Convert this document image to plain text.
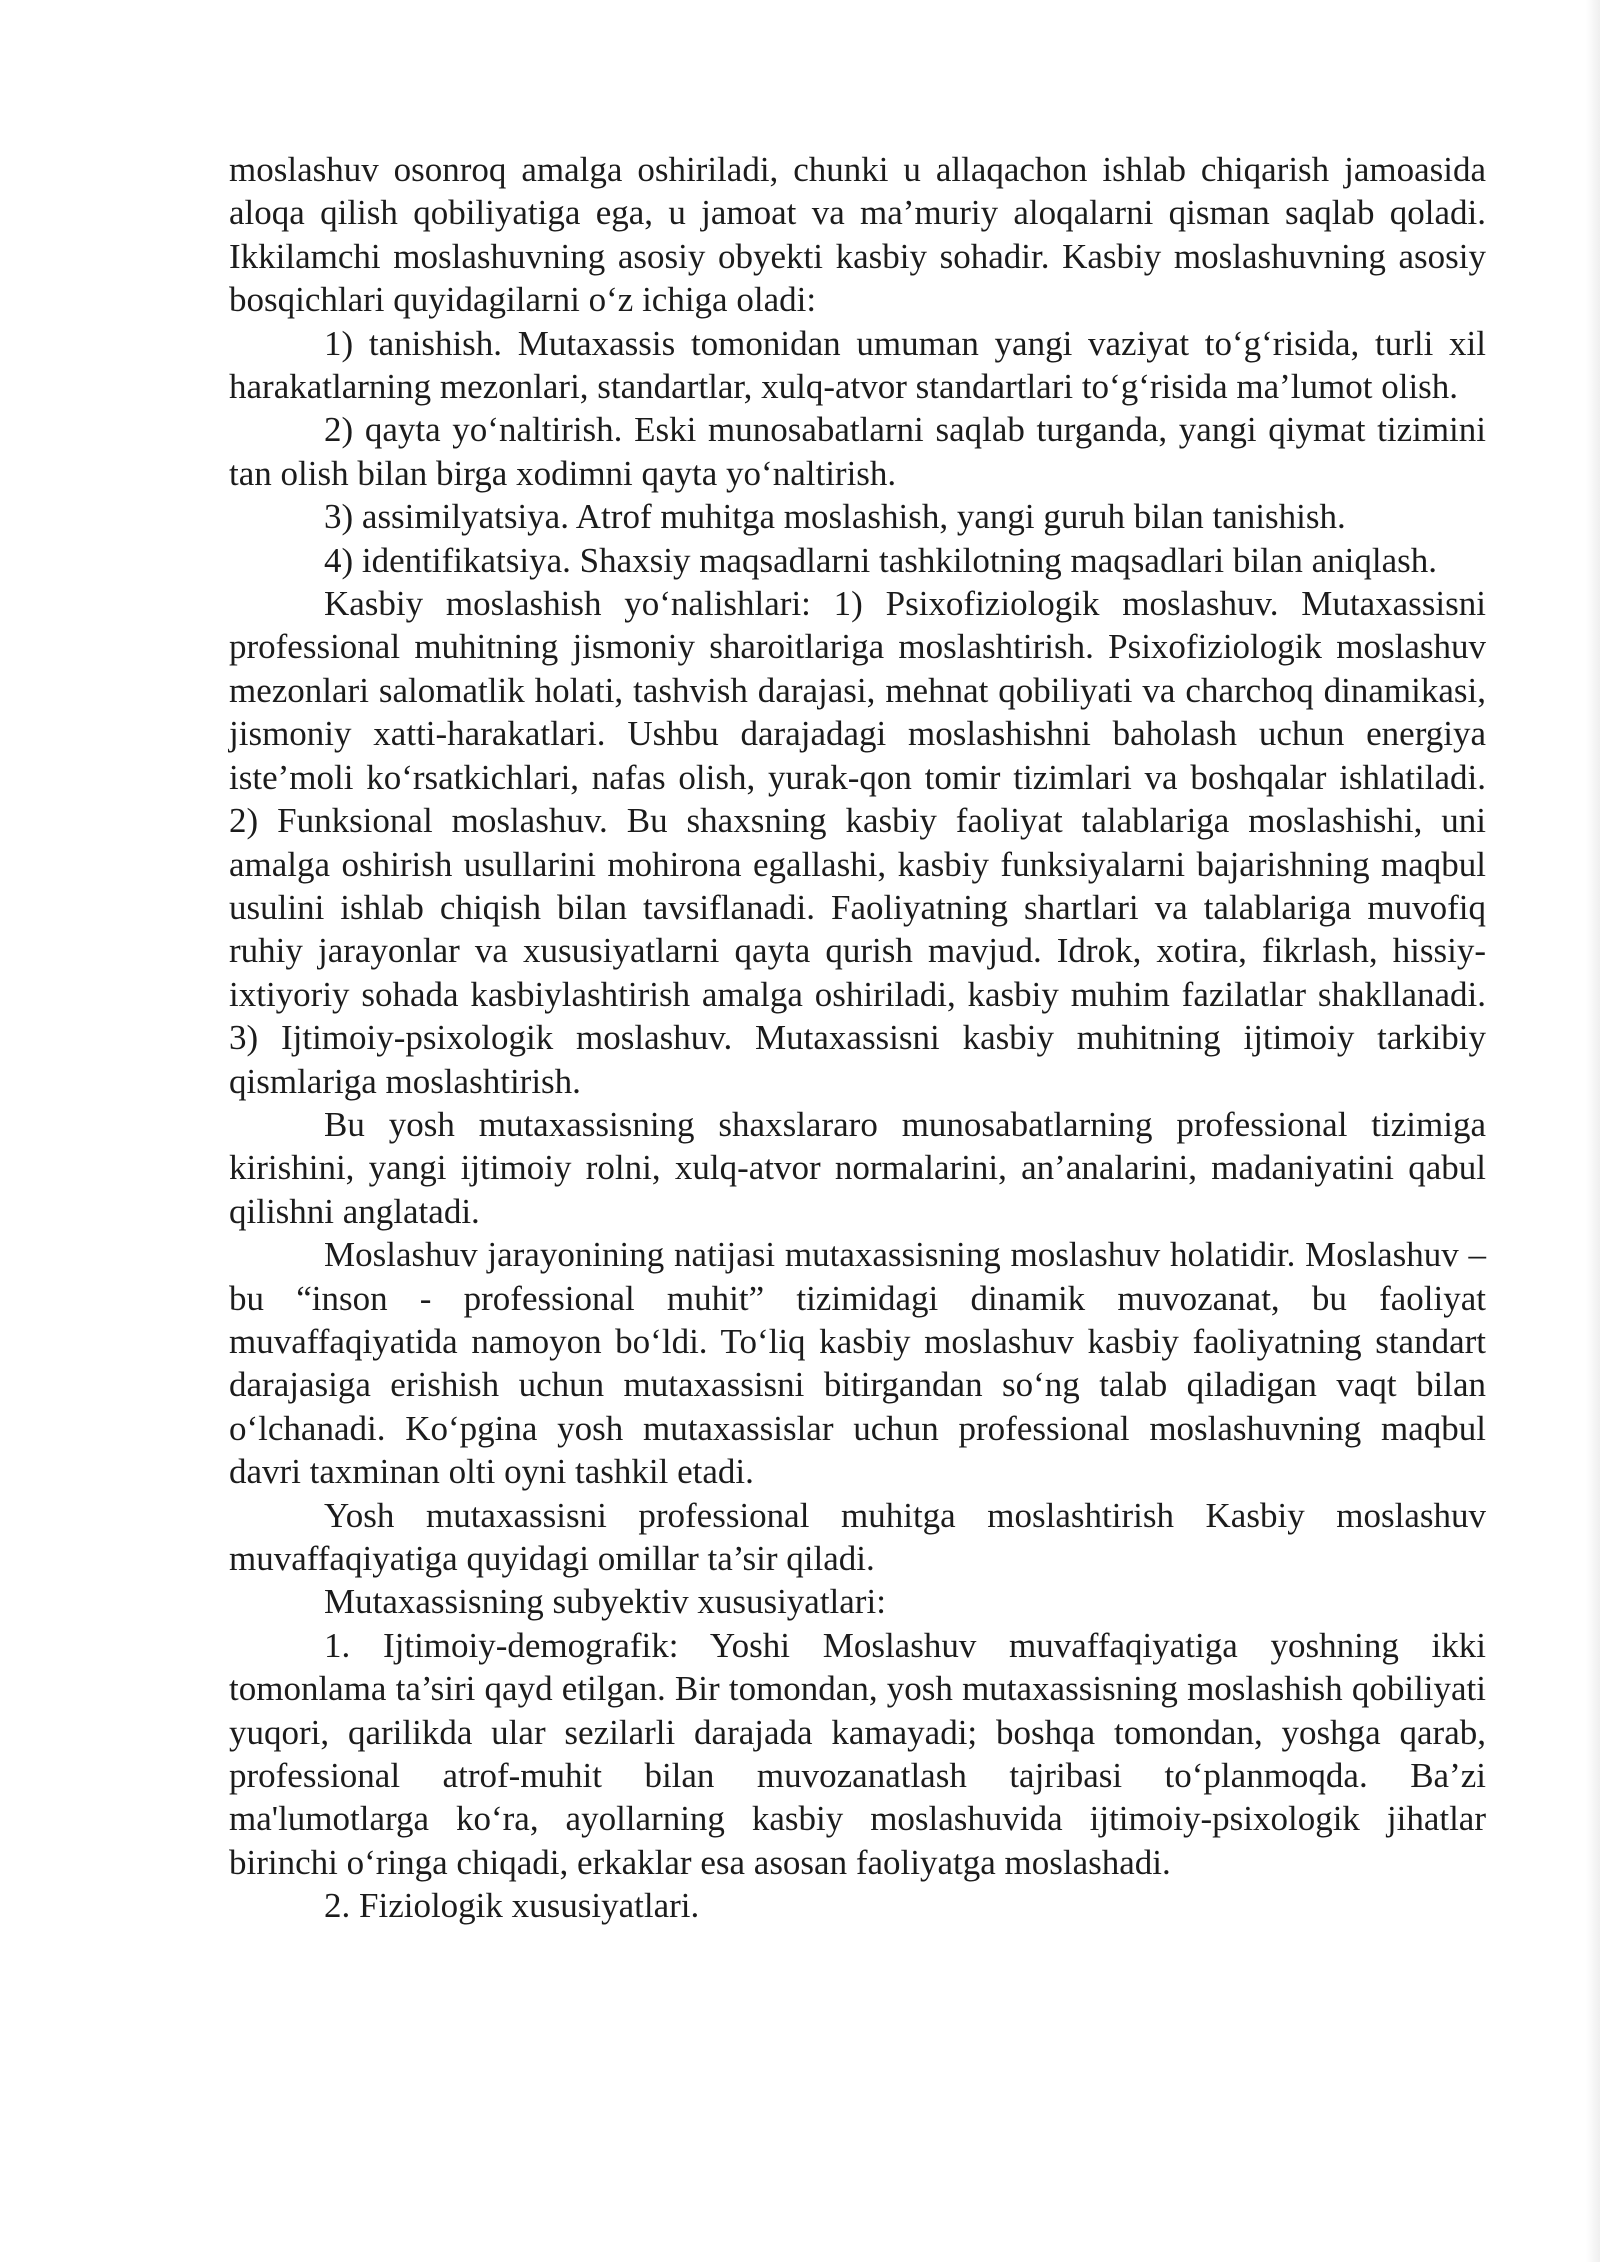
moslashuv osonroq amalga oshiriladi, chunki u allaqachon ishlab chiqarish jamoasida aloqa qilish qobiliyatiga ega, u jamoat va ma’muriy aloqalarni qisman saqlab qoladi. Ikkilamchi moslashuvning asosiy obyekti kasbiy sohadir. Kasbiy moslashuvning asosiy bosqichlari quyidagilarni o‘z ichiga oladi:

1) tanishish. Mutaxassis tomonidan umuman yangi vaziyat to‘g‘risida, turli xil harakatlarning mezonlari, standartlar, xulq-atvor standartlari to‘g‘risida ma’lumot olish.

2) qayta yo‘naltirish. Eski munosabatlarni saqlab turganda, yangi qiymat tizimini tan olish bilan birga xodimni qayta yo‘naltirish.

3) assimilyatsiya. Atrof muhitga moslashish, yangi guruh bilan tanishish.

4) identifikatsiya. Shaxsiy maqsadlarni tashkilotning maqsadlari bilan aniqlash.

Kasbiy moslashish yo‘nalishlari: 1) Psixofiziologik moslashuv. Mutaxassisni professional muhitning jismoniy sharoitlariga moslashtirish. Psixofiziologik moslashuv mezonlari salomatlik holati, tashvish darajasi, mehnat qobiliyati va charchoq dinamikasi, jismoniy xatti-harakatlari. Ushbu darajadagi moslashishni baholash uchun energiya iste’moli ko‘rsatkichlari, nafas olish, yurak-qon tomir tizimlari va boshqalar ishlatiladi. 2) Funksional moslashuv. Bu shaxsning kasbiy faoliyat talablariga moslashishi, uni amalga oshirish usullarini mohirona egallashi, kasbiy funksiyalarni bajarishning maqbul usulini ishlab chiqish bilan tavsiflanadi. Faoliyatning shartlari va talablariga muvofiq ruhiy jarayonlar va xususiyatlarni qayta qurish mavjud. Idrok, xotira, fikrlash, hissiy-ixtiyoriy sohada kasbiylashtirish amalga oshiriladi, kasbiy muhim fazilatlar shakllanadi. 3) Ijtimoiy-psixologik moslashuv. Mutaxassisni kasbiy muhitning ijtimoiy tarkibiy qismlariga moslashtirish.

Bu yosh mutaxassisning shaxslararo munosabatlarning professional tizimiga kirishini, yangi ijtimoiy rolni, xulq-atvor normalarini, an’analarini, madaniyatini qabul qilishni anglatadi.

Moslashuv jarayonining natijasi mutaxassisning moslashuv holatidir. Moslashuv – bu “inson - professional muhit” tizimidagi dinamik muvozanat, bu faoliyat muvaffaqiyatida namoyon bo‘ldi. To‘liq kasbiy moslashuv kasbiy faoliyatning standart darajasiga erishish uchun mutaxassisni bitirgandan so‘ng talab qiladigan vaqt bilan o‘lchanadi. Ko‘pgina yosh mutaxassislar uchun professional moslashuvning maqbul davri taxminan olti oyni tashkil etadi.

Yosh mutaxassisni professional muhitga moslashtirish Kasbiy moslashuv muvaffaqiyatiga quyidagi omillar ta’sir qiladi.

Mutaxassisning subyektiv xususiyatlari:

1. Ijtimoiy-demografik: Yoshi Moslashuv muvaffaqiyatiga yoshning ikki tomonlama ta’siri qayd etilgan. Bir tomondan, yosh mutaxassisning moslashish qobiliyati yuqori, qarilikda ular sezilarli darajada kamayadi; boshqa tomondan, yoshga qarab, professional atrof-muhit bilan muvozanatlash tajribasi to‘planmoqda. Ba’zi ma'lumotlarga ko‘ra, ayollarning kasbiy moslashuvida ijtimoiy-psixologik jihatlar birinchi o‘ringa chiqadi, erkaklar esa asosan faoliyatga moslashadi.

2. Fiziologik xususiyatlari.
